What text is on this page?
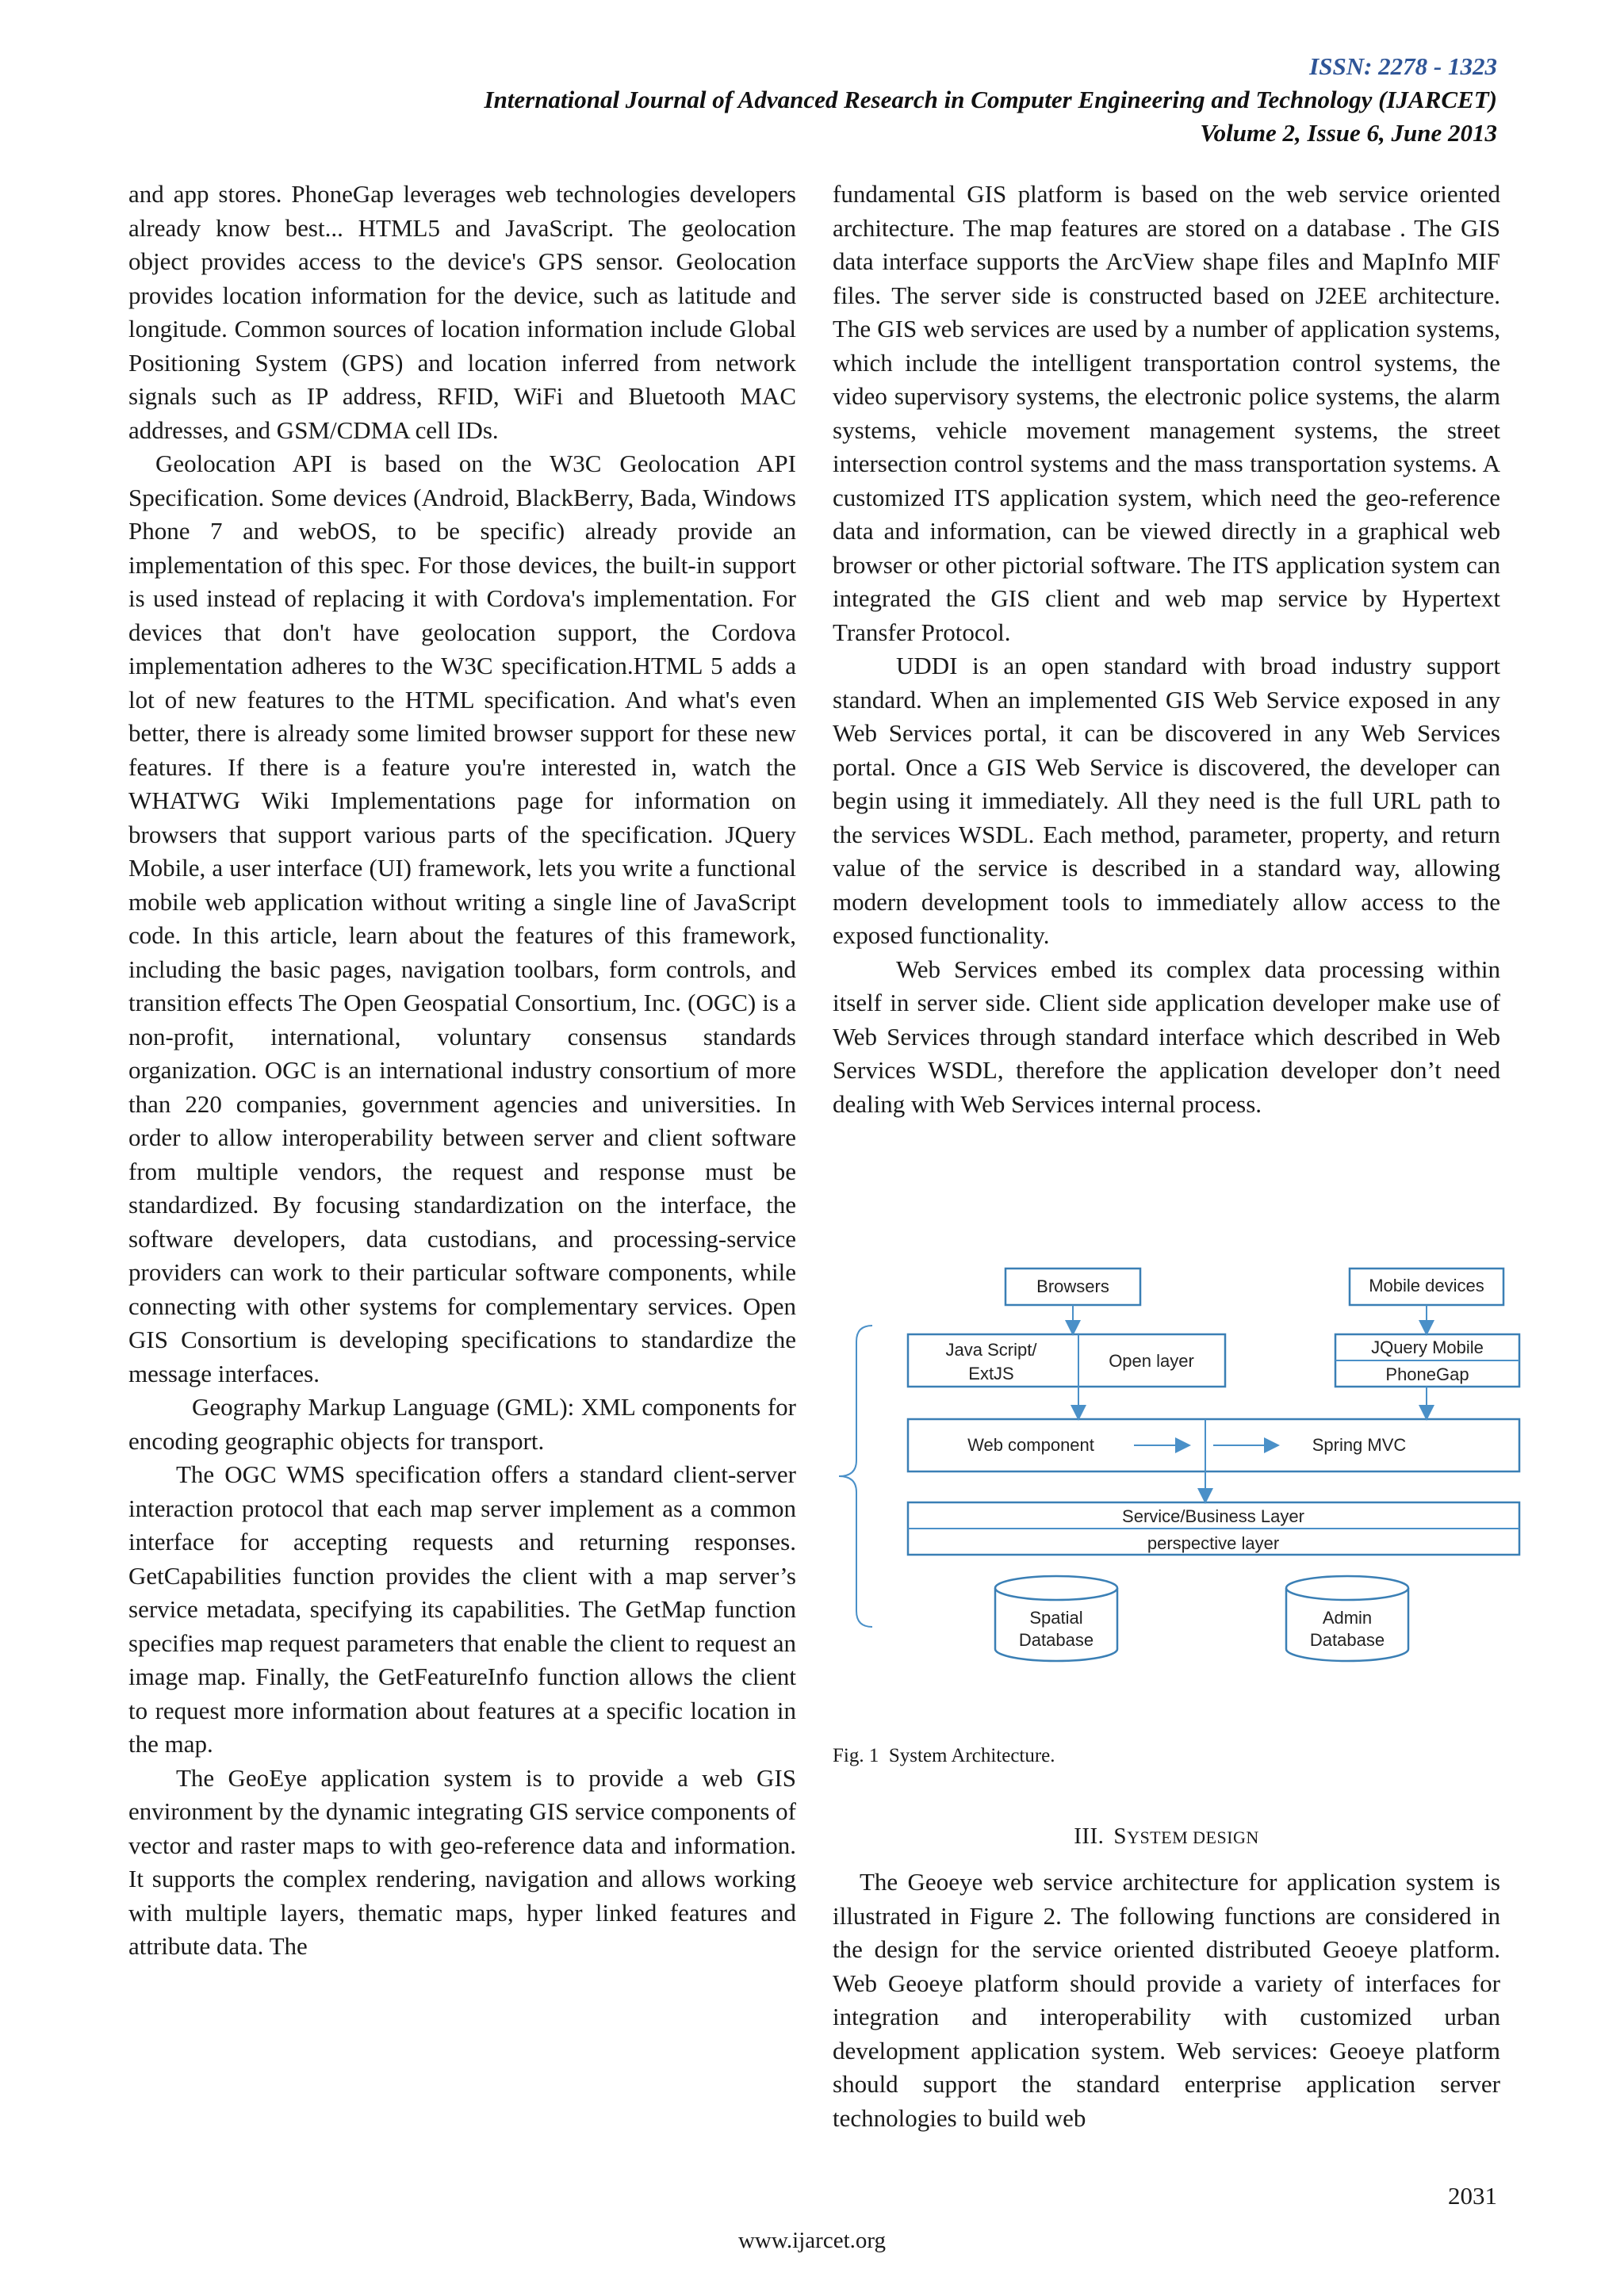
ISSN: 2278 - 1323
International Journal of Advanced Research in Computer Engineering and Technology (IJARCET)
Volume 2, Issue 6, June 2013

and app stores. PhoneGap leverages web technologies developers already know best... HTML5 and JavaScript. The geolocation object provides access to the device's GPS sensor. Geolocation provides location information for the device, such as latitude and longitude. Common sources of location information include Global Positioning System (GPS) and location inferred from network signals such as IP address, RFID, WiFi and Bluetooth MAC addresses, and GSM/CDMA cell IDs.

Geolocation API is based on the W3C Geolocation API Specification. Some devices (Android, BlackBerry, Bada, Windows Phone 7 and webOS, to be specific) already provide an implementation of this spec. For those devices, the built-in support is used instead of replacing it with Cordova's implementation. For devices that don't have geolocation support, the Cordova implementation adheres to the W3C specification.HTML 5 adds a lot of new features to the HTML specification. And what's even better, there is already some limited browser support for these new features. If there is a feature you're interested in, watch the WHATWG Wiki Implementations page for information on browsers that support various parts of the specification. JQuery Mobile, a user interface (UI) framework, lets you write a functional mobile web application without writing a single line of JavaScript code. In this article, learn about the features of this framework, including the basic pages, navigation toolbars, form controls, and transition effects The Open Geospatial Consortium, Inc. (OGC) is a non-profit, international, voluntary consensus standards organization. OGC is an international industry consortium of more than 220 companies, government agencies and universities. In order to allow interoperability between server and client software from multiple vendors, the request and response must be standardized. By focusing standardization on the interface, the software developers, data custodians, and processing-service providers can work to their particular software components, while connecting with other systems for complementary services. Open GIS Consortium is developing specifications to standardize the message interfaces.

Geography Markup Language (GML): XML components for encoding geographic objects for transport.

The OGC WMS specification offers a standard client-server interaction protocol that each map server implement as a common interface for accepting requests and returning responses. GetCapabilities function provides the client with a map server’s service metadata, specifying its capabilities. The GetMap function specifies map request parameters that enable the client to request an image map. Finally, the GetFeatureInfo function allows the client to request more information about features at a specific location in the map.

The GeoEye application system is to provide a web GIS environment by the dynamic integrating GIS service components of vector and raster maps to with geo-reference data and information. It supports the complex rendering, navigation and allows working with multiple layers, thematic maps, hyper linked features and attribute data. The

fundamental GIS platform is based on the web service oriented architecture. The map features are stored on a database . The GIS data interface supports the ArcView shape files and MapInfo MIF files. The server side is constructed based on J2EE architecture. The GIS web services are used by a number of application systems, which include the intelligent transportation control systems, the video supervisory systems, the electronic police systems, the alarm systems, vehicle movement management systems, the street intersection control systems and the mass transportation systems. A customized ITS application system, which need the geo-reference data and information, can be viewed directly in a graphical web browser or other pictorial software. The ITS application system can integrated the GIS client and web map service by Hypertext Transfer Protocol.

UDDI is an open standard with broad industry support standard. When an implemented GIS Web Service exposed in any Web Services portal, it can be discovered in any Web Services portal. Once a GIS Web Service is discovered, the developer can begin using it immediately. All they need is the full URL path to the services WSDL. Each method, parameter, property, and return value of the service is described in a standard way, allowing modern development tools to immediately allow access to the exposed functionality.

Web Services embed its complex data processing within itself in server side. Client side application developer make use of Web Services through standard interface which described in Web Services WSDL, therefore the application developer don’t need dealing with Web Services internal process.

Browsers	Mobile devices
Java Script/
ExtJS
Open layer
JQuery Mobile
PhoneGap
Web component	Spring MVC
Service/Business Layer
perspective layer
Spatial
Database
Admin
Database
Fig. 1 System Architecture.
III. SYSTEM DESIGN

The Geoeye web service architecture for application system is illustrated in Figure 2. The following functions are considered in the design for the service oriented distributed Geoeye platform. Web Geoeye platform should provide a variety of interfaces for integration and interoperability with customized urban development application system. Web services: Geoeye platform should support the standard enterprise application server technologies to build web

2031
www.ijarcet.org
